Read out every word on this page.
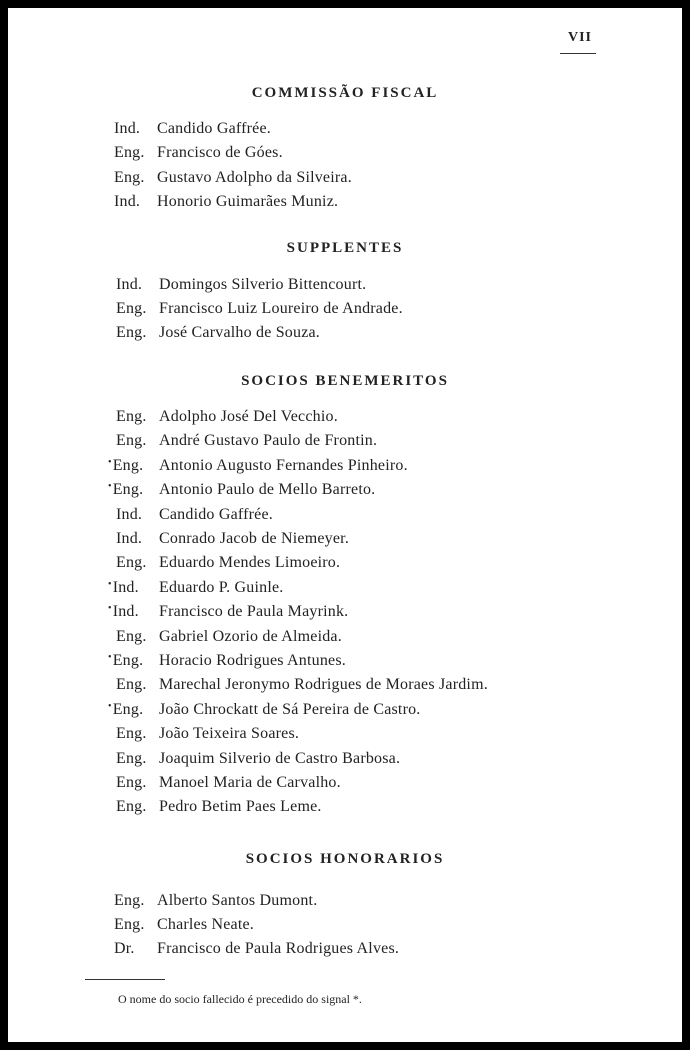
VII
COMMISSÃO FISCAL
Ind. Candido Gaffrée.
Eng. Francisco de Góes.
Eng. Gustavo Adolpho da Silveira.
Ind. Honorio Guimarães Muniz.
SUPPLENTES
Ind. Domingos Silverio Bittencourt.
Eng. Francisco Luiz Loureiro de Andrade.
Eng. José Carvalho de Souza.
SOCIOS BENEMERITOS
Eng. Adolpho José Del Vecchio.
Eng. André Gustavo Paulo de Frontin.
•Eng. Antonio Augusto Fernandes Pinheiro.
•Eng. Antonio Paulo de Mello Barreto.
Ind. Candido Gaffrée.
Ind. Conrado Jacob de Niemeyer.
Eng. Eduardo Mendes Limoeiro.
•Ind. Eduardo P. Guinle.
•Ind. Francisco de Paula Mayrink.
Eng. Gabriel Ozorio de Almeida.
•Eng. Horacio Rodrigues Antunes.
Eng. Marechal Jeronymo Rodrigues de Moraes Jardim.
•Eng. João Chrockatt de Sá Pereira de Castro.
Eng. João Teixeira Soares.
Eng. Joaquim Silverio de Castro Barbosa.
Eng. Manoel Maria de Carvalho.
Eng. Pedro Betim Paes Leme.
SOCIOS HONORARIOS
Eng. Alberto Santos Dumont.
Eng. Charles Neate.
Dr. Francisco de Paula Rodrigues Alves.
O nome do socio fallecido é precedido do signal *.
